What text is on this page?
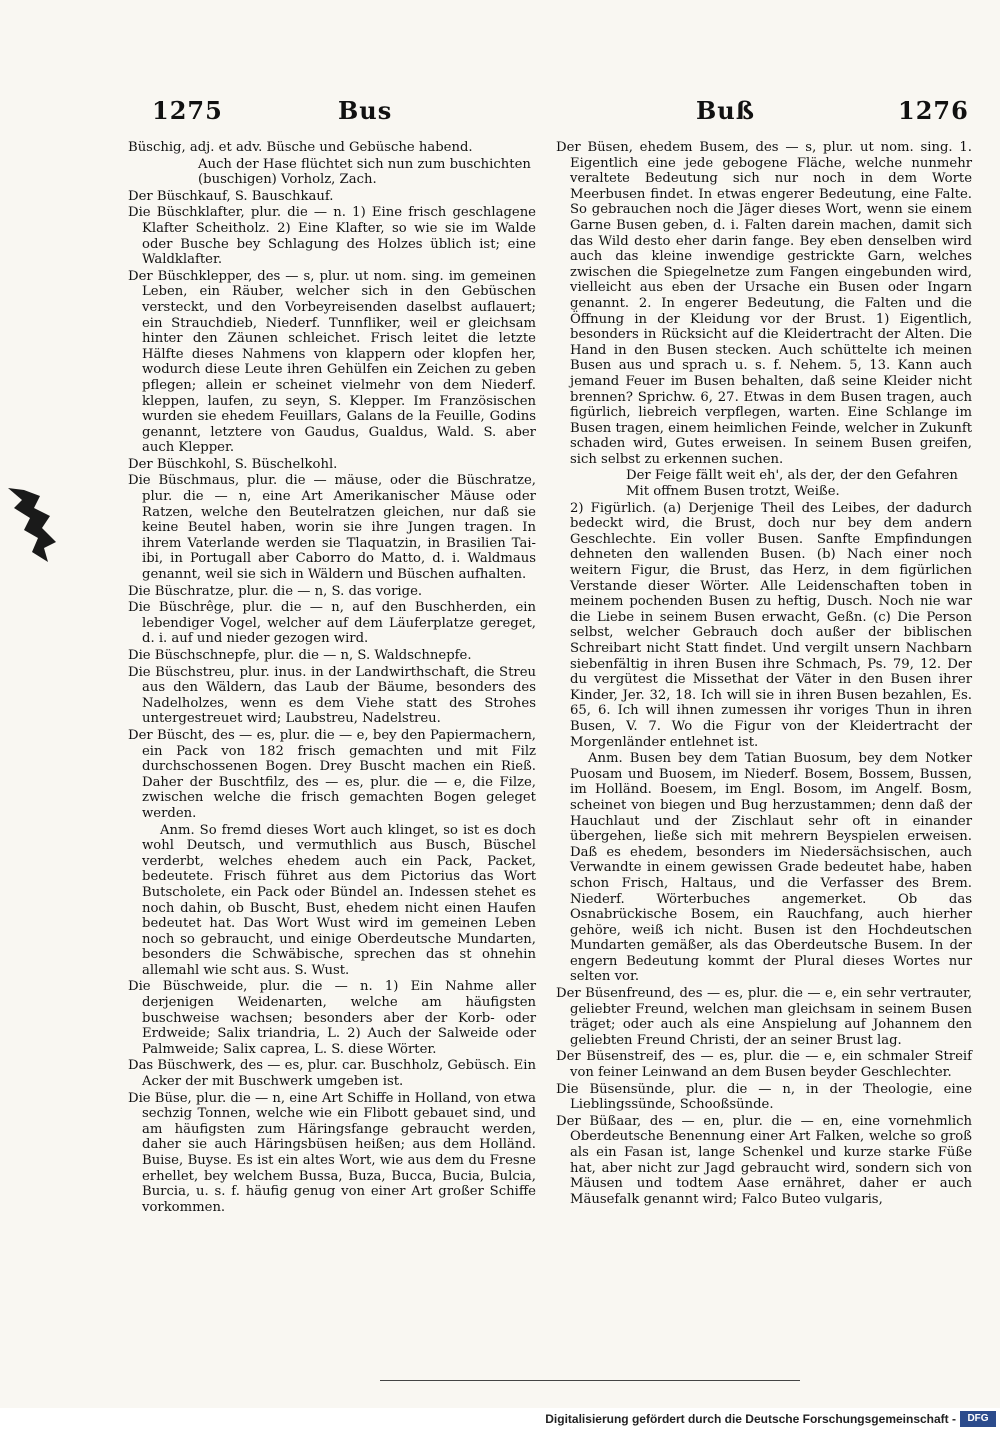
1275	Bus	Buß	1276

Büschig, adj. et adv. Büsche und Gebüsche habend.

Auch der Hase flüchtet sich nun zum buschichten (buschigen) Vorholz, Zach.

Der Büschkauf, S. Bauschkauf.

Die Büschklafter, plur. die — n. 1) Eine frisch geschlagene Klafter Scheitholz. 2) Eine Klafter, so wie sie im Walde oder Busche bey Schlagung des Holzes üblich ist; eine Waldklafter.

Der Büschklepper, des — s, plur. ut nom. sing. im gemeinen Leben, ein Räuber, welcher sich in den Gebüschen versteckt, und den Vorbeyreisenden daselbst auflauert; ein Strauchdieb, Niederf. Tunnfliker, weil er gleichsam hinter den Zäunen schleichet. Frisch leitet die letzte Hälfte dieses Nahmens von klappern oder klopfen her, wodurch diese Leute ihren Gehülfen ein Zeichen zu geben pflegen; allein er scheinet vielmehr von dem Niederf. kleppen, laufen, zu seyn, S. Klepper. Im Französischen wurden sie ehedem Feuillars, Galans de la Feuille, Godins genannt, letztere von Gaudus, Gualdus, Wald. S. aber auch Klepper.

Der Büschkohl, S. Büschelkohl.

Die Büschmaus, plur. die — mäuse, oder die Büschratze, plur. die — n, eine Art Amerikanischer Mäuse oder Ratzen, welche den Beutelratzen gleichen, nur daß sie keine Beutel haben, worin sie ihre Jungen tragen. In ihrem Vaterlande werden sie Tlaquatzin, in Brasilien Tai-ibi, in Portugall aber Caborro do Matto, d. i. Waldmaus genannt, weil sie sich in Wäldern und Büschen aufhalten.

Die Büschratze, plur. die — n, S. das vorige.

Die Büschrêge, plur. die — n, auf den Buschherden, ein lebendiger Vogel, welcher auf dem Läuferplatze gereget, d. i. auf und nieder gezogen wird.

Die Büschschnepfe, plur. die — n, S. Waldschnepfe.

Die Büschstreu, plur. inus. in der Landwirthschaft, die Streu aus den Wäldern, das Laub der Bäume, besonders des Nadelholzes, wenn es dem Viehe statt des Strohes untergestreuet wird; Laubstreu, Nadelstreu.

Der Büscht, des — es, plur. die — e, bey den Papiermachern, ein Pack von 182 frisch gemachten und mit Filz durchschossenen Bogen. Drey Buscht machen ein Rieß. Daher der Buschtfilz, des — es, plur. die — e, die Filze, zwischen welche die frisch gemachten Bogen geleget werden.

Anm. So fremd dieses Wort auch klinget, so ist es doch wohl Deutsch, und vermuthlich aus Busch, Büschel verderbt, welches ehedem auch ein Pack, Packet, bedeutete. Frisch führet aus dem Pictorius das Wort Butscholete, ein Pack oder Bündel an. Indessen stehet es noch dahin, ob Buscht, Bust, ehedem nicht einen Haufen bedeutet hat. Das Wort Wust wird im gemeinen Leben noch so gebraucht, und einige Oberdeutsche Mundarten, besonders die Schwäbische, sprechen das st ohnehin allemahl wie scht aus. S. Wust.

Die Büschweide, plur. die — n. 1) Ein Nahme aller derjenigen Weidenarten, welche am häufigsten buschweise wachsen; besonders aber der Korb- oder Erdweide; Salix triandria, L. 2) Auch der Salweide oder Palmweide; Salix caprea, L. S. diese Wörter.

Das Büschwerk, des — es, plur. car. Buschholz, Gebüsch. Ein Acker der mit Buschwerk umgeben ist.

Die Büse, plur. die — n, eine Art Schiffe in Holland, von etwa sechzig Tonnen, welche wie ein Flibott gebauet sind, und am häufigsten zum Häringsfange gebraucht werden, daher sie auch Häringsbüsen heißen; aus dem Holländ. Buise, Buyse. Es ist ein altes Wort, wie aus dem du Fresne erhellet, bey welchem Bussa, Buza, Bucca, Bucia, Bulcia, Burcia, u. s. f. häufig genug von einer Art großer Schiffe vorkommen.

Der Büsen, ehedem Busem, des — s, plur. ut nom. sing. 1. Eigentlich eine jede gebogene Fläche, welche nunmehr veraltete Bedeutung sich nur noch in dem Worte Meerbusen findet. In etwas engerer Bedeutung, eine Falte. So gebrauchen noch die Jäger dieses Wort, wenn sie einem Garne Busen geben, d. i. Falten darein machen, damit sich das Wild desto eher darin fange. Bey eben denselben wird auch das kleine inwendige gestrickte Garn, welches zwischen die Spiegelnetze zum Fangen eingebunden wird, vielleicht aus eben der Ursache ein Busen oder Ingarn genannt. 2. In engerer Bedeutung, die Falten und die Öffnung in der Kleidung vor der Brust. 1) Eigentlich, besonders in Rücksicht auf die Kleidertracht der Alten. Die Hand in den Busen stecken. Auch schüttelte ich meinen Busen aus und sprach u. s. f. Nehem. 5, 13. Kann auch jemand Feuer im Busen behalten, daß seine Kleider nicht brennen? Sprichw. 6, 27. Etwas in dem Busen tragen, auch figürlich, liebreich verpflegen, warten. Eine Schlange im Busen tragen, einem heimlichen Feinde, welcher in Zukunft schaden wird, Gutes erweisen. In seinem Busen greifen, sich selbst zu erkennen suchen.

Der Feige fällt weit eh', als der, der den Gefahren Mit offnem Busen trotzt, Weiße.

2) Figürlich. (a) Derjenige Theil des Leibes, der dadurch bedeckt wird, die Brust, doch nur bey dem andern Geschlechte. Ein voller Busen. Sanfte Empfindungen dehneten den wallenden Busen. (b) Nach einer noch weitern Figur, die Brust, das Herz, in dem figürlichen Verstande dieser Wörter. Alle Leidenschaften toben in meinem pochenden Busen zu heftig, Dusch. Noch nie war die Liebe in seinem Busen erwacht, Geßn. (c) Die Person selbst, welcher Gebrauch doch außer der biblischen Schreibart nicht Statt findet. Und vergilt unsern Nachbarn siebenfältig in ihren Busen ihre Schmach, Ps. 79, 12. Der du vergütest die Missethat der Väter in den Busen ihrer Kinder, Jer. 32, 18. Ich will sie in ihren Busen bezahlen, Es. 65, 6. Ich will ihnen zumessen ihr voriges Thun in ihren Busen, V. 7. Wo die Figur von der Kleidertracht der Morgenländer entlehnet ist.

Anm. Busen bey dem Tatian Buosum, bey dem Notker Puosam und Buosem, im Niederf. Bosem, Bossem, Bussen, im Holländ. Boesem, im Engl. Bosom, im Angelf. Bosm, scheinet von biegen und Bug herzustammen; denn daß der Hauchlaut und der Zischlaut sehr oft in einander übergehen, ließe sich mit mehrern Beyspielen erweisen. Daß es ehedem, besonders im Niedersächsischen, auch Verwandte in einem gewissen Grade bedeutet habe, haben schon Frisch, Haltaus, und die Verfasser des Brem. Niederf. Wörterbuches angemerket. Ob das Osnabrückische Bosem, ein Rauchfang, auch hierher gehöre, weiß ich nicht. Busen ist den Hochdeutschen Mundarten gemäßer, als das Oberdeutsche Busem. In der engern Bedeutung kommt der Plural dieses Wortes nur selten vor.

Der Büsenfreund, des — es, plur. die — e, ein sehr vertrauter, geliebter Freund, welchen man gleichsam in seinem Busen träget; oder auch als eine Anspielung auf Johannem den geliebten Freund Christi, der an seiner Brust lag.

Der Büsenstreif, des — es, plur. die — e, ein schmaler Streif von feiner Leinwand an dem Busen beyder Geschlechter.

Die Büsensünde, plur. die — n, in der Theologie, eine Lieblingssünde, Schooßsünde.

Der Büßaar, des — en, plur. die — en, eine vornehmlich Oberdeutsche Benennung einer Art Falken, welche so groß als ein Fasan ist, lange Schenkel und kurze starke Füße hat, aber nicht zur Jagd gebraucht wird, sondern sich von Mäusen und todtem Aase ernähret, daher er auch Mäusefalk genannt wird; Falco Buteo vulgaris,

Digitalisierung gefördert durch die Deutsche Forschungsgemeinschaft -	DFG
